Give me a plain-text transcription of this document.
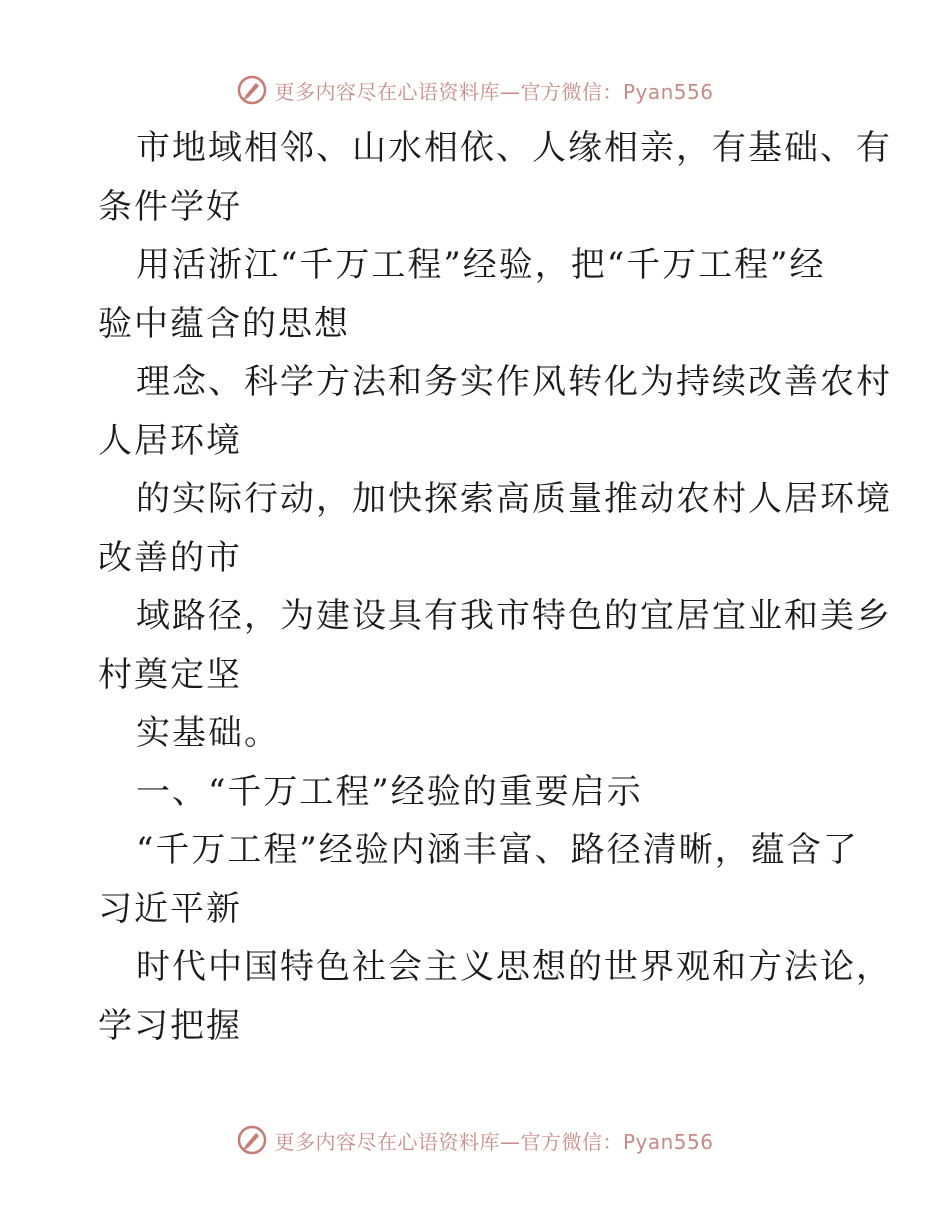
更多内容尽在心语资料库—官方微信：Pyan556
市地域相邻、山水相依、人缘相亲，有基础、有
条件学好
用活浙江“千万工程”经验，把“千万工程”经
验中蕴含的思想
理念、科学方法和务实作风转化为持续改善农村
人居环境
的实际行动，加快探索高质量推动农村人居环境
改善的市
域路径，为建设具有我市特色的宜居宜业和美乡
村奠定坚
实基础。
一、“千万工程”经验的重要启示
“千万工程”经验内涵丰富、路径清晰，蕴含了
习近平新
时代中国特色社会主义思想的世界观和方法论，
学习把握
更多内容尽在心语资料库—官方微信：Pyan556
